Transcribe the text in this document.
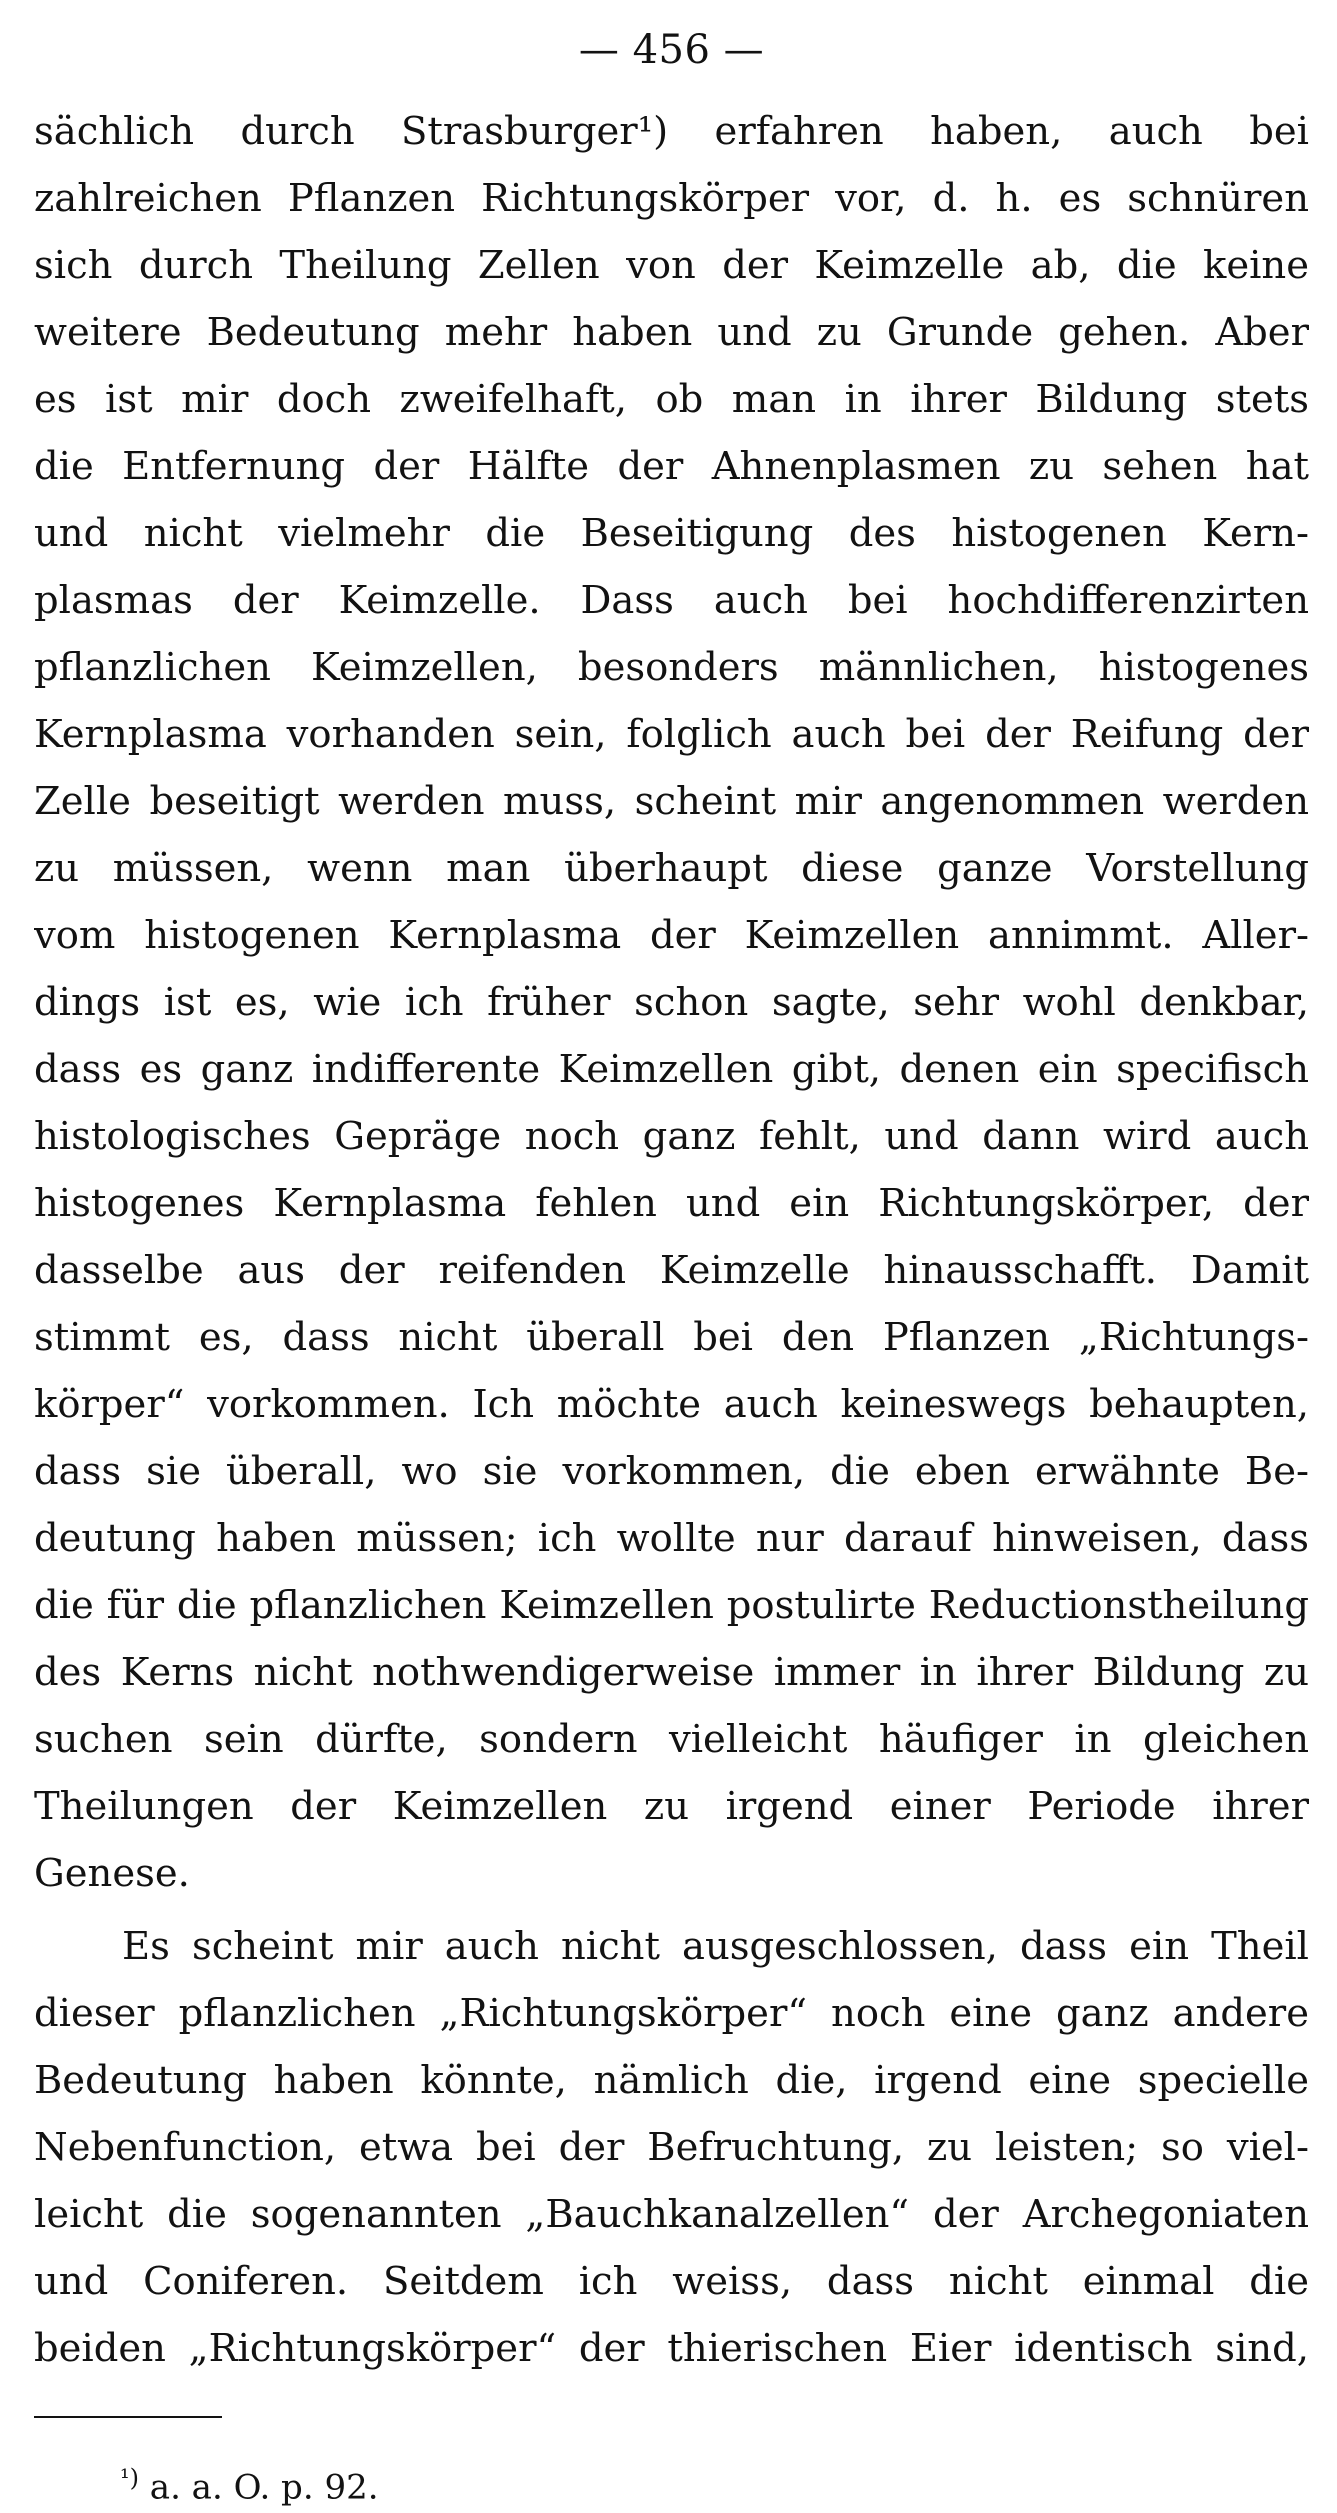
— 456 —
sächlich durch Strasburger¹) erfahren haben, auch bei
zahlreichen Pflanzen Richtungskörper vor, d. h. es schnüren
sich durch Theilung Zellen von der Keimzelle ab, die keine
weitere Bedeutung mehr haben und zu Grunde gehen. Aber
es ist mir doch zweifelhaft, ob man in ihrer Bildung stets
die Entfernung der Hälfte der Ahnenplasmen zu sehen hat
und nicht vielmehr die Beseitigung des histogenen Kern-
plasmas der Keimzelle. Dass auch bei hochdifferenzirten
pflanzlichen Keimzellen, besonders männlichen, histogenes
Kernplasma vorhanden sein, folglich auch bei der Reifung der
Zelle beseitigt werden muss, scheint mir angenommen werden
zu müssen, wenn man überhaupt diese ganze Vorstellung
vom histogenen Kernplasma der Keimzellen annimmt. Aller-
dings ist es, wie ich früher schon sagte, sehr wohl denkbar,
dass es ganz indifferente Keimzellen gibt, denen ein specifisch
histologisches Gepräge noch ganz fehlt, und dann wird auch
histogenes Kernplasma fehlen und ein Richtungskörper, der
dasselbe aus der reifenden Keimzelle hinausschafft. Damit
stimmt es, dass nicht überall bei den Pflanzen „Richtungs-
körper“ vorkommen. Ich möchte auch keineswegs behaupten,
dass sie überall, wo sie vorkommen, die eben erwähnte Be-
deutung haben müssen; ich wollte nur darauf hinweisen, dass
die für die pflanzlichen Keimzellen postulirte Reductionstheilung
des Kerns nicht nothwendigerweise immer in ihrer Bildung zu
suchen sein dürfte, sondern vielleicht häufiger in gleichen
Theilungen der Keimzellen zu irgend einer Periode ihrer
Genese.
Es scheint mir auch nicht ausgeschlossen, dass ein Theil
dieser pflanzlichen „Richtungskörper“ noch eine ganz andere
Bedeutung haben könnte, nämlich die, irgend eine specielle
Nebenfunction, etwa bei der Befruchtung, zu leisten; so viel-
leicht die sogenannten „Bauchkanalzellen“ der Archegoniaten
und Coniferen. Seitdem ich weiss, dass nicht einmal die
beiden „Richtungskörper“ der thierischen Eier identisch sind,
$^{^1)}$ a. a. O. p. 92.
